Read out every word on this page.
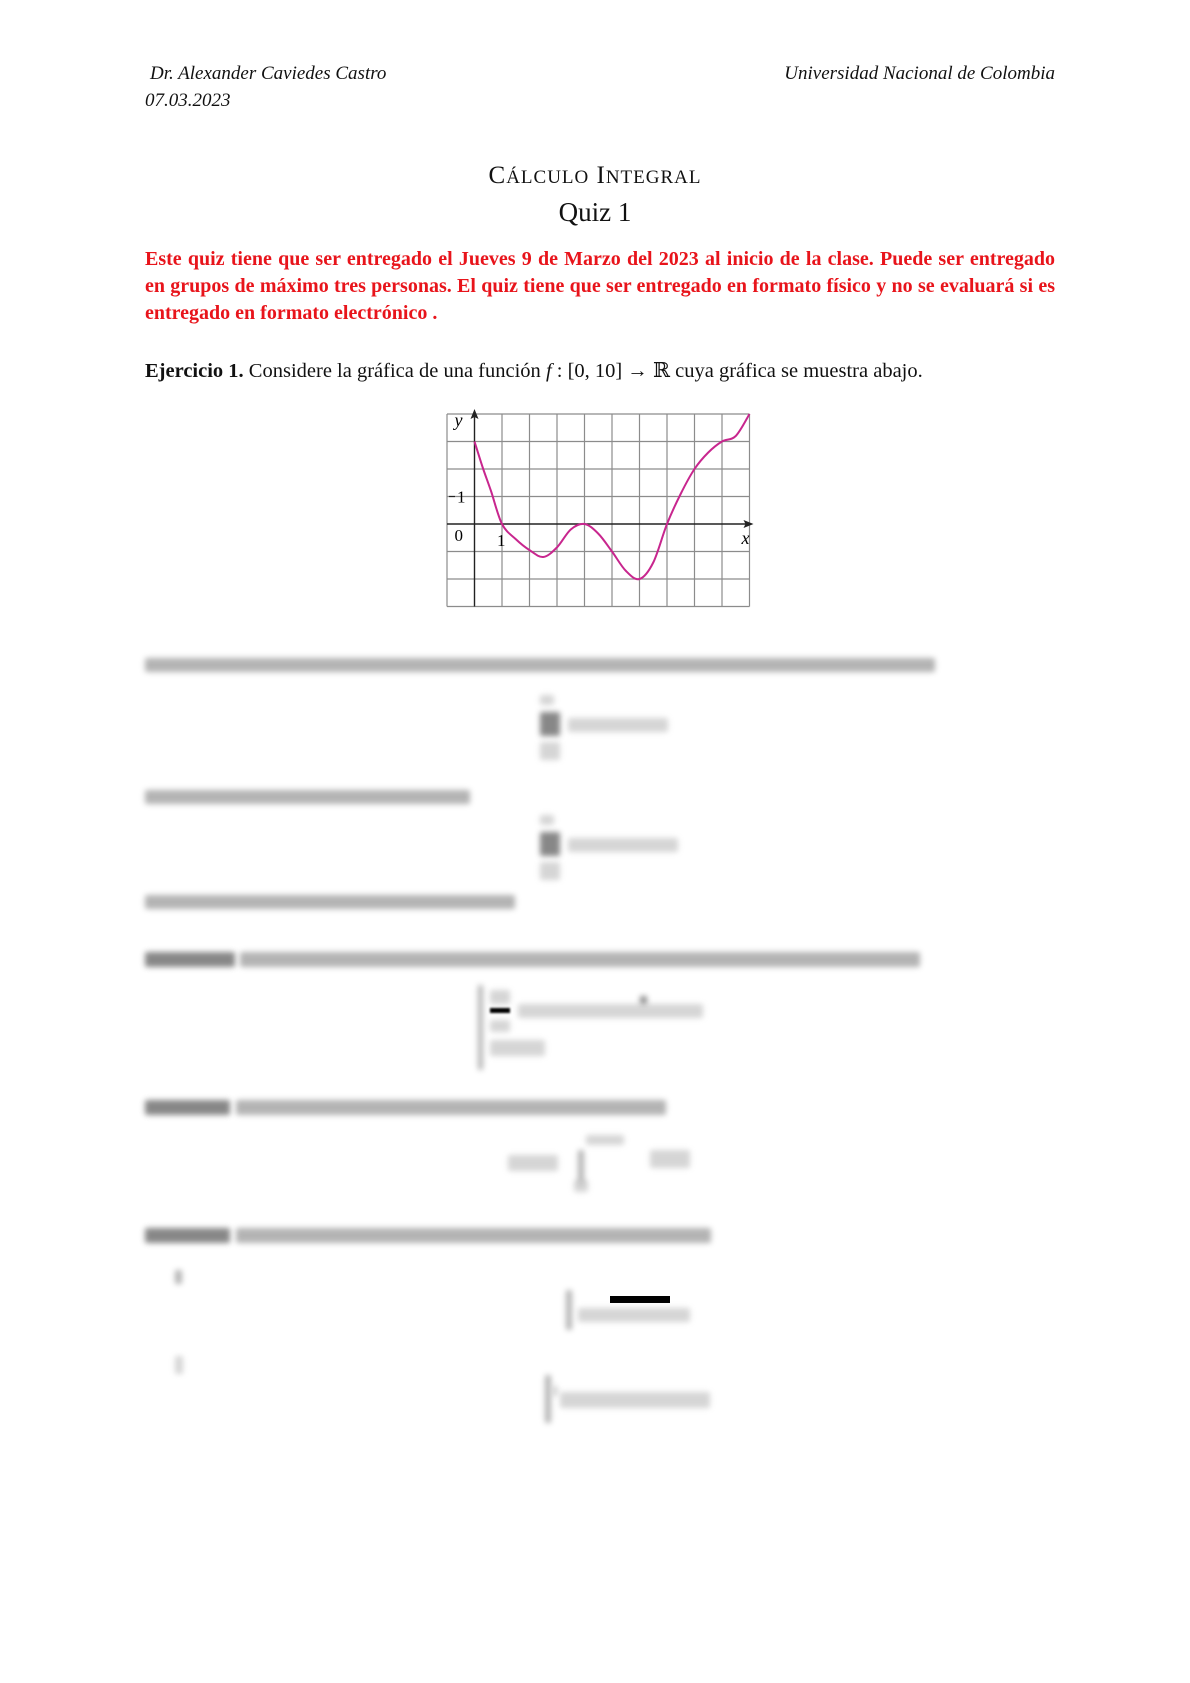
Dr. Alexander Caviedes Castro
07.03.2023
Universidad Nacional de Colombia
CÁLCULO INTEGRAL
Quiz 1
Este quiz tiene que ser entregado el Jueves 9 de Marzo del 2023 al inicio de la clase. Puede ser entregado en grupos de máximo tres personas. El quiz tiene que ser entregado en formato físico y no se evaluará si es entregado en formato electrónico .
Ejercicio 1. Considere la gráfica de una función f : [0, 10] → ℝ cuya gráfica se muestra abajo.
y
x
0 1
1
